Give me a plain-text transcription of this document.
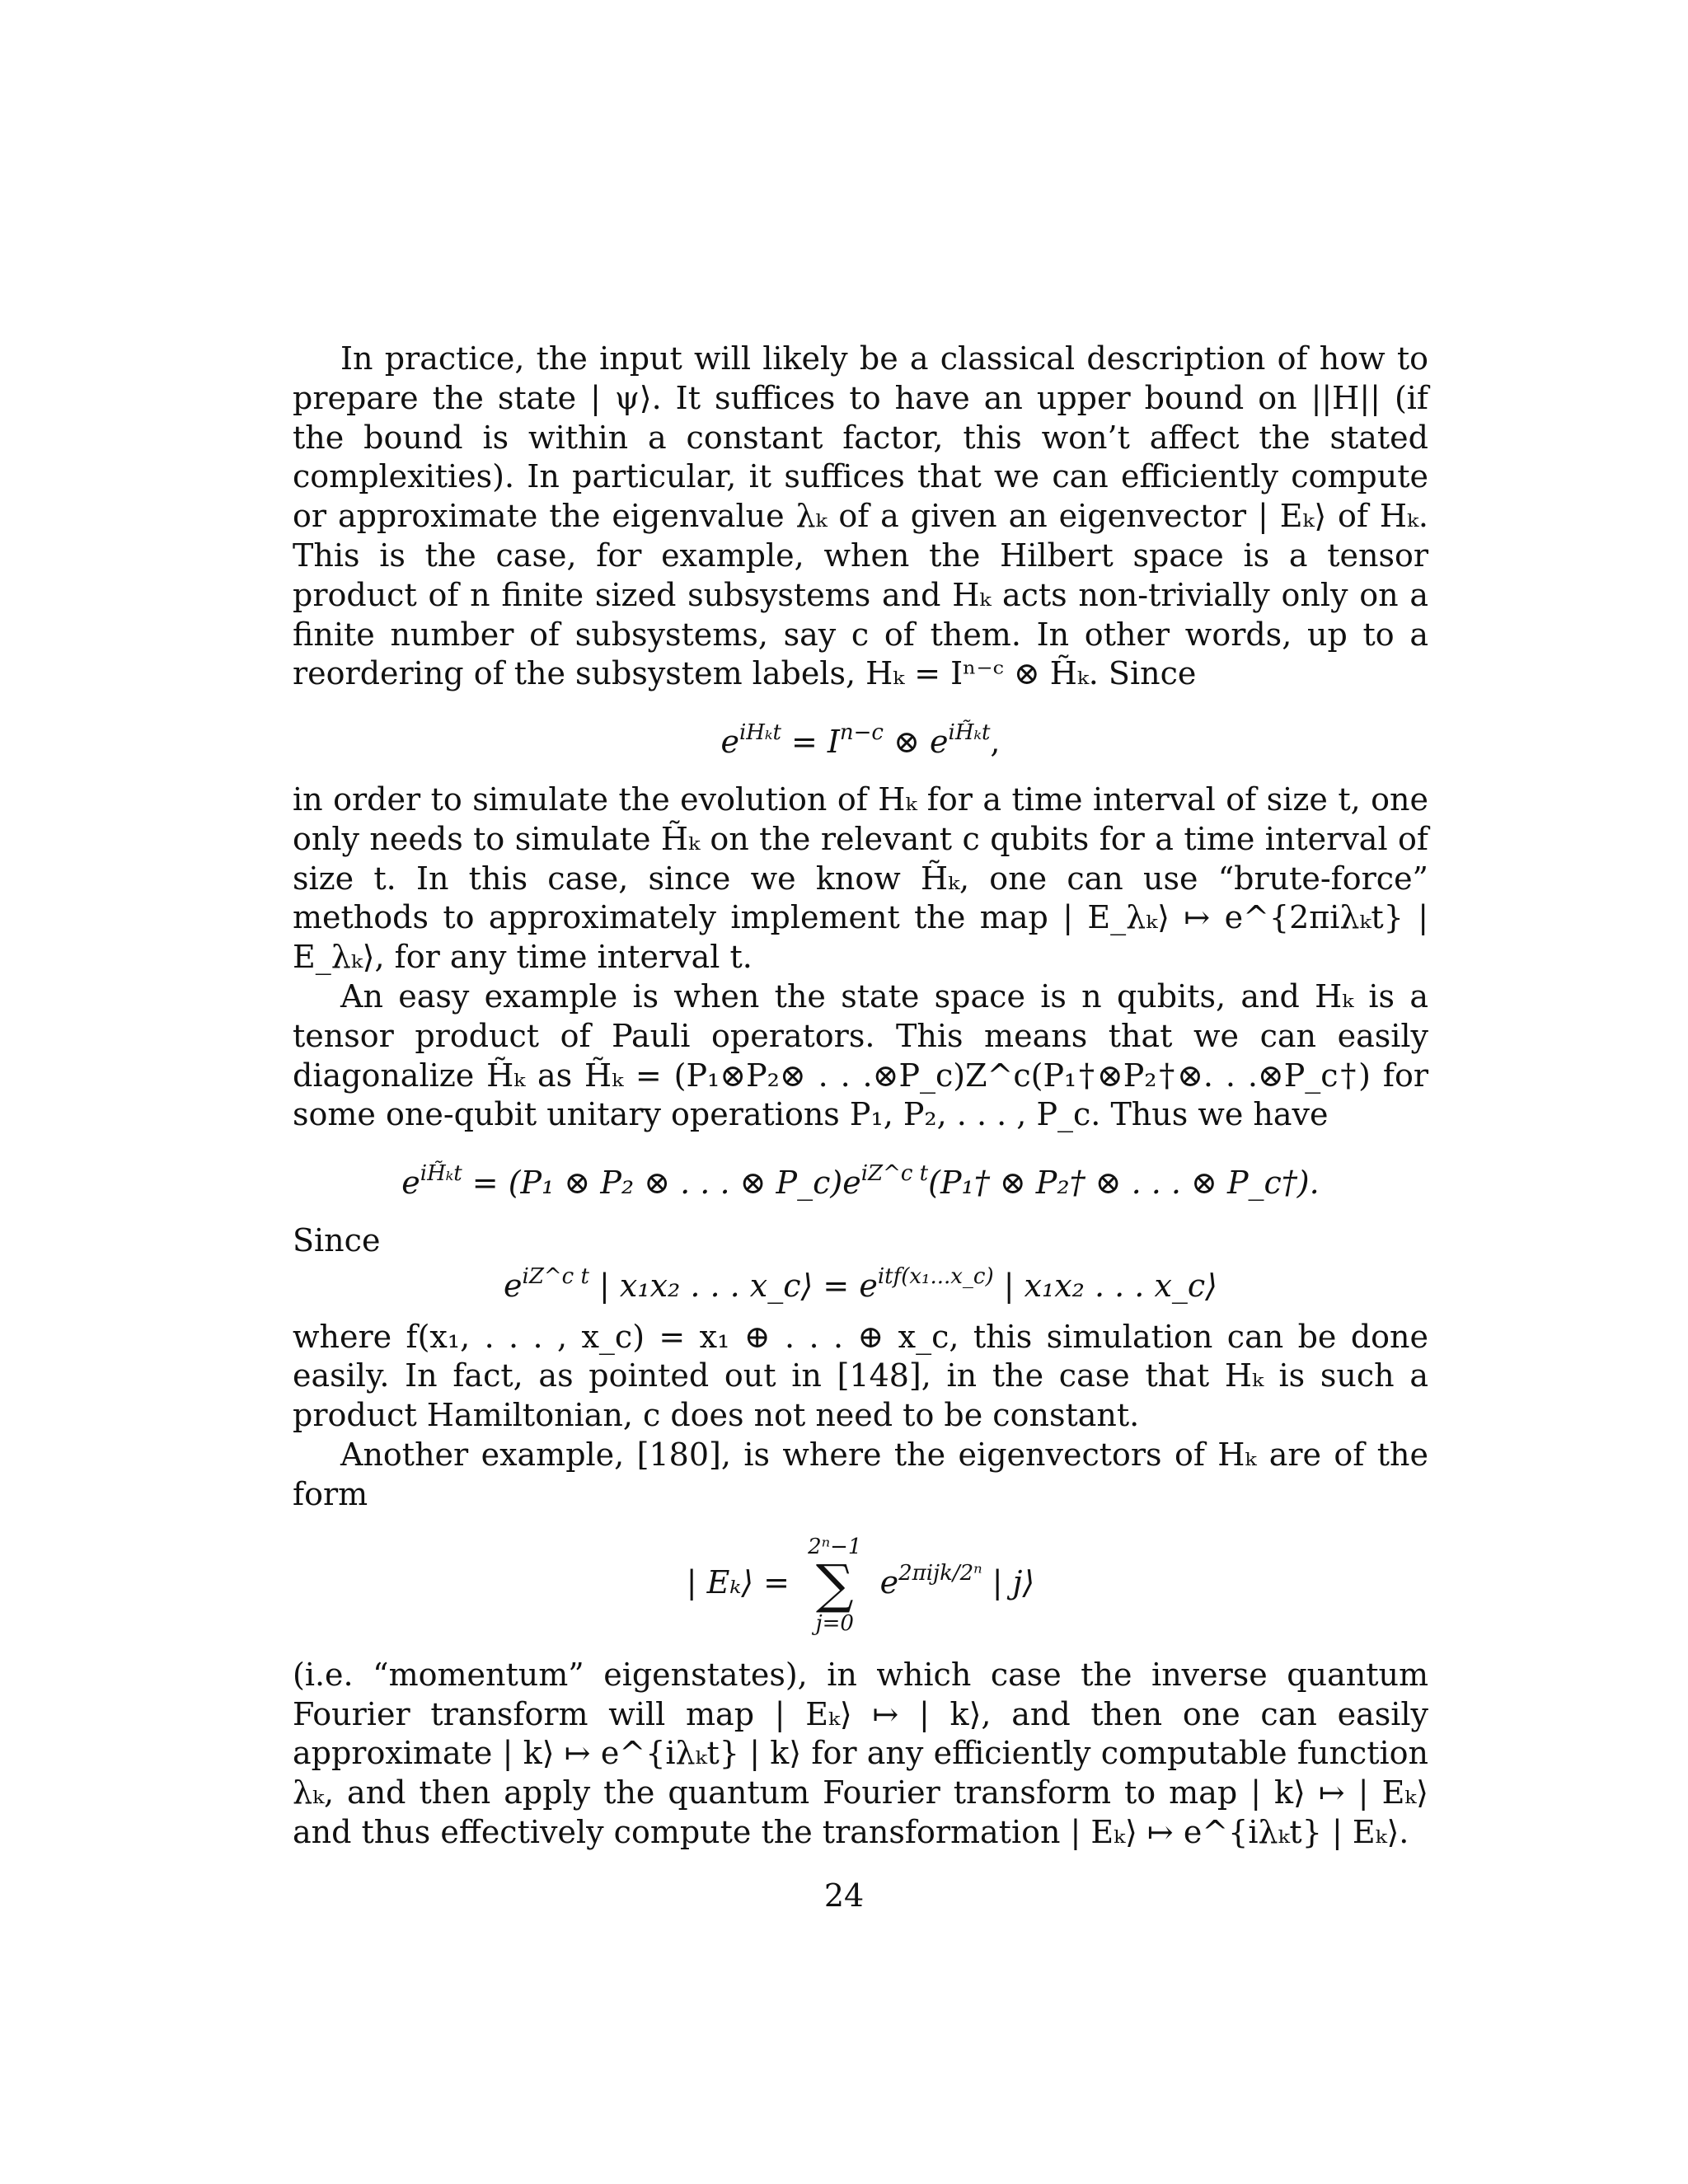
In practice, the input will likely be a classical description of how to prepare the state | ψ⟩. It suffices to have an upper bound on ||H|| (if the bound is within a constant factor, this won’t affect the stated complexities). In particular, it suffices that we can efficiently compute or approximate the eigenvalue λₖ of a given an eigenvector | Eₖ⟩ of Hₖ. This is the case, for example, when the Hilbert space is a tensor product of n finite sized subsystems and Hₖ acts non-trivially only on a finite number of subsystems, say c of them. In other words, up to a reordering of the subsystem labels, Hₖ = Iⁿ⁻ᶜ ⊗ H̃ₖ. Since

$e^{iH_kt} = I^{n-c}$ ⊗ $e^{iH̃_kt}$,

in order to simulate the evolution of Hₖ for a time interval of size t, one only needs to simulate H̃ₖ on the relevant c qubits for a time interval of size t. In this case, since we know H̃ₖ, one can use “brute-force” methods to approximately implement the map | E_λₖ⟩ ↦ e^{2πiλₖt} | E_λₖ⟩, for any time interval t.

An easy example is when the state space is n qubits, and Hₖ is a tensor product of Pauli operators. This means that we can easily diagonalize H̃ₖ as H̃ₖ = (P₁⊗P₂⊗ . . .⊗P_c)Z^c(P₁†⊗P₂†⊗. . .⊗P_c†) for some one-qubit unitary operations P₁, P₂, . . . , P_c. Thus we have

$e^{iH̃_kt} = (P_1$ ⊗ P₂ ⊗ . . . ⊗ $P\_c)e^{iZ\^{}c t}(P_1\dagger$ ⊗ P₂† ⊗ . . . ⊗ P_c†).

Since

$e^{iZ\^{}c t}$ | x₁x₂ . . . x_c⟩ = $e^{itf(x_1...x\_c)}$ | x₁x₂ . . . x_c⟩

where f(x₁, . . . , x_c) = x₁ ⊕ . . . ⊕ x_c, this simulation can be done easily. In fact, as pointed out in [148], in the case that Hₖ is such a product Hamiltonian, c does not need to be constant.

Another example, [180], is where the eigenvectors of Hₖ are of the form

| Eₖ⟩ =
2ⁿ−1
∑
j=0
$e^{2\pi ijk/2^n}$ | j⟩

(i.e. “momentum” eigenstates), in which case the inverse quantum Fourier transform will map | Eₖ⟩ ↦ | k⟩, and then one can easily approximate | k⟩ ↦ e^{iλₖt} | k⟩ for any efficiently computable function λₖ, and then apply the quantum Fourier transform to map | k⟩ ↦ | Eₖ⟩ and thus effectively compute the transformation | Eₖ⟩ ↦ e^{iλₖt} | Eₖ⟩.

24
